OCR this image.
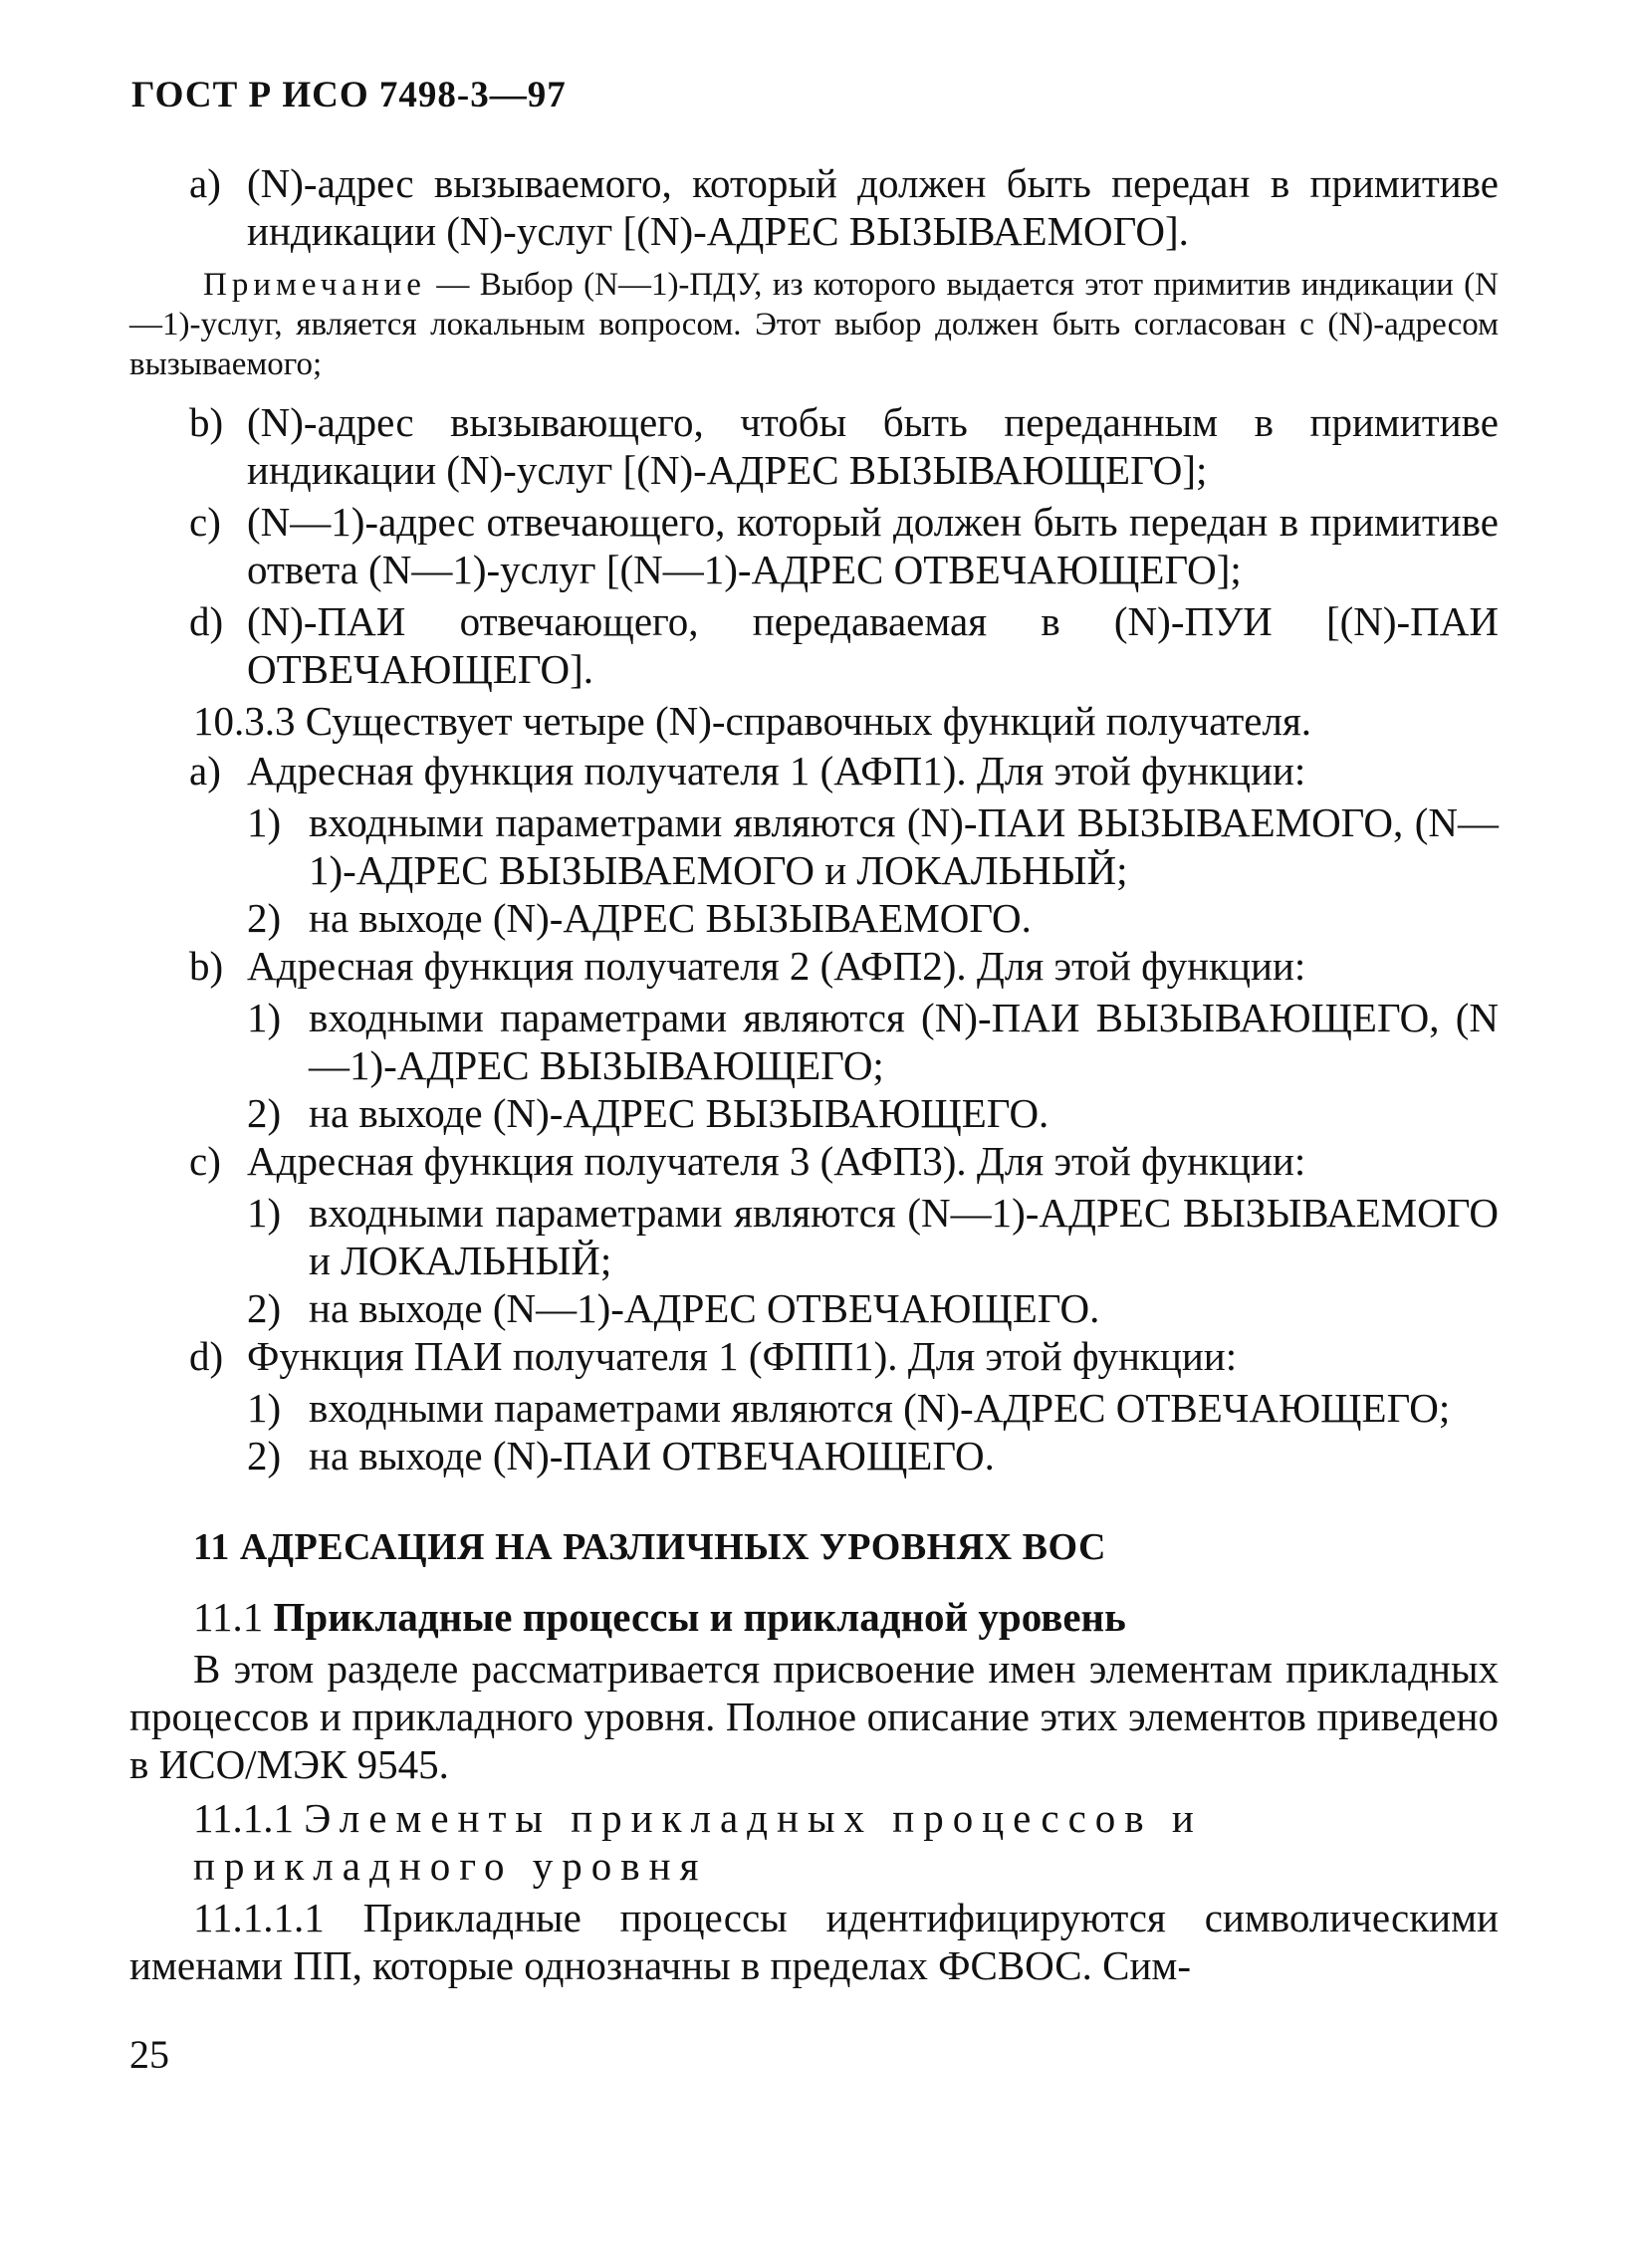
ГОСТ Р ИСО 7498-3—97
a) (N)-адрес вызываемого, который должен быть передан в примитиве индикации (N)-услуг [(N)-АДРЕС ВЫЗЫВАЕМОГО].
Примечание — Выбор (N—1)-ПДУ, из которого выдается этот примитив индикации (N—1)-услуг, является локальным вопросом. Этот выбор должен быть согласован с (N)-адресом вызываемого;
b) (N)-адрес вызывающего, чтобы быть переданным в примитиве индикации (N)-услуг [(N)-АДРЕС ВЫЗЫВАЮЩЕГО];
c) (N—1)-адрес отвечающего, который должен быть передан в примитиве ответа (N—1)-услуг [(N—1)-АДРЕС ОТВЕЧАЮЩЕГО];
d) (N)-ПАИ отвечающего, передаваемая в (N)-ПУИ [(N)-ПАИ ОТВЕЧАЮЩЕГО].
10.3.3 Существует четыре (N)-справочных функций получателя.
a) Адресная функция получателя 1 (АФП1). Для этой функции:
1) входными параметрами являются (N)-ПАИ ВЫЗЫВАЕМОГО, (N—1)-АДРЕС ВЫЗЫВАЕМОГО и ЛОКАЛЬНЫЙ;
2) на выходе (N)-АДРЕС ВЫЗЫВАЕМОГО.
b) Адресная функция получателя 2 (АФП2). Для этой функции:
1) входными параметрами являются (N)-ПАИ ВЫЗЫВАЮЩЕГО, (N—1)-АДРЕС ВЫЗЫВАЮЩЕГО;
2) на выходе (N)-АДРЕС ВЫЗЫВАЮЩЕГО.
c) Адресная функция получателя 3 (АФП3). Для этой функции:
1) входными параметрами являются (N—1)-АДРЕС ВЫЗЫВАЕМОГО и ЛОКАЛЬНЫЙ;
2) на выходе (N—1)-АДРЕС ОТВЕЧАЮЩЕГО.
d) Функция ПАИ получателя 1 (ФПП1). Для этой функции:
1) входными параметрами являются (N)-АДРЕС ОТВЕЧАЮЩЕГО;
2) на выходе (N)-ПАИ ОТВЕЧАЮЩЕГО.
11 АДРЕСАЦИЯ НА РАЗЛИЧНЫХ УРОВНЯХ ВОС
11.1 Прикладные процессы и прикладной уровень
В этом разделе рассматривается присвоение имен элементам прикладных процессов и прикладного уровня. Полное описание этих элементов приведено в ИСО/МЭК 9545.
11.1.1 Элементы прикладных процессов и прикладного уровня
11.1.1.1 Прикладные процессы идентифицируются символическими именами ПП, которые однозначны в пределах ФСВОС. Сим-
25
